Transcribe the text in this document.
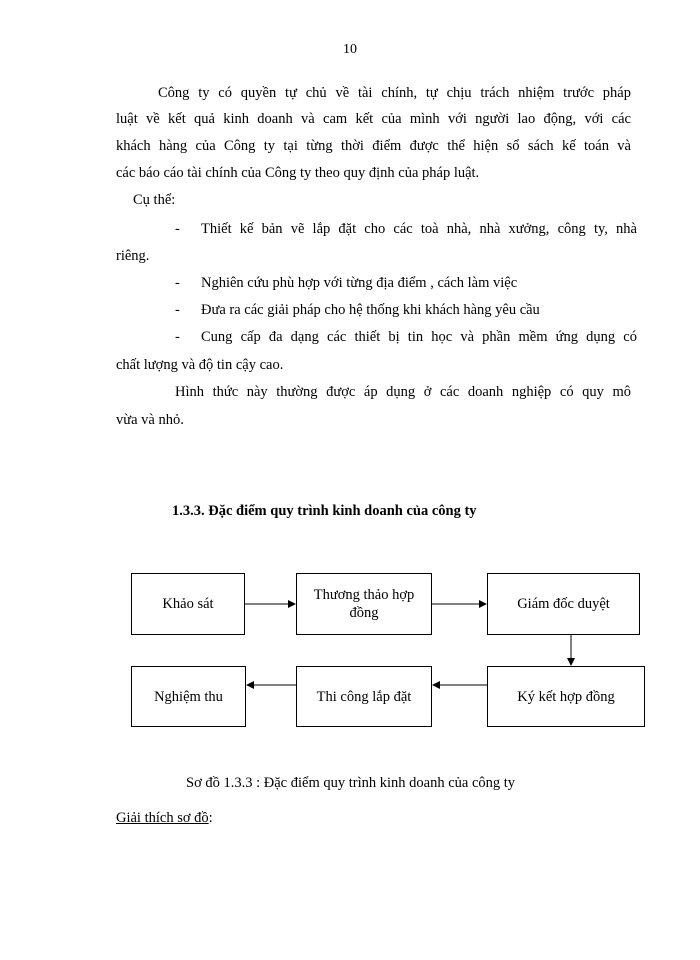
10
Công ty có quyền tự chủ về tài chính, tự chịu trách nhiệm trước pháp
luật về kết quả kinh doanh và cam kết của mình với người lao động, với các
khách hàng của Công ty tại từng thời điểm được thể hiện sổ sách kế toán và
các báo cáo tài chính của Công ty theo quy định của pháp luật.
Cụ thể:
- Thiết kế bản vẽ lắp đặt cho các toà nhà, nhà xưởng, công ty, nhà
riêng.
- Nghiên cứu phù hợp với từng địa điểm , cách làm việc
- Đưa ra các giải pháp cho hệ thống khi khách hàng yêu cầu
- Cung cấp đa dạng các thiết bị tin học và phần mềm ứng dụng có
chất lượng và độ tin cậy cao.
Hình thức này thường được áp dụng ở các doanh nghiệp có quy mô
vừa và nhỏ.
1.3.3. Đặc điểm quy trình kinh doanh của công ty
Khảo sát
Thương thảo hợp
đồng
Giám đốc duyệt
Ký kết hợp đồng
Thi công lắp đặt
Nghiệm thu
Sơ đồ 1.3.3 : Đặc điểm quy trình kinh doanh của công ty
Giải thích sơ đồ:
